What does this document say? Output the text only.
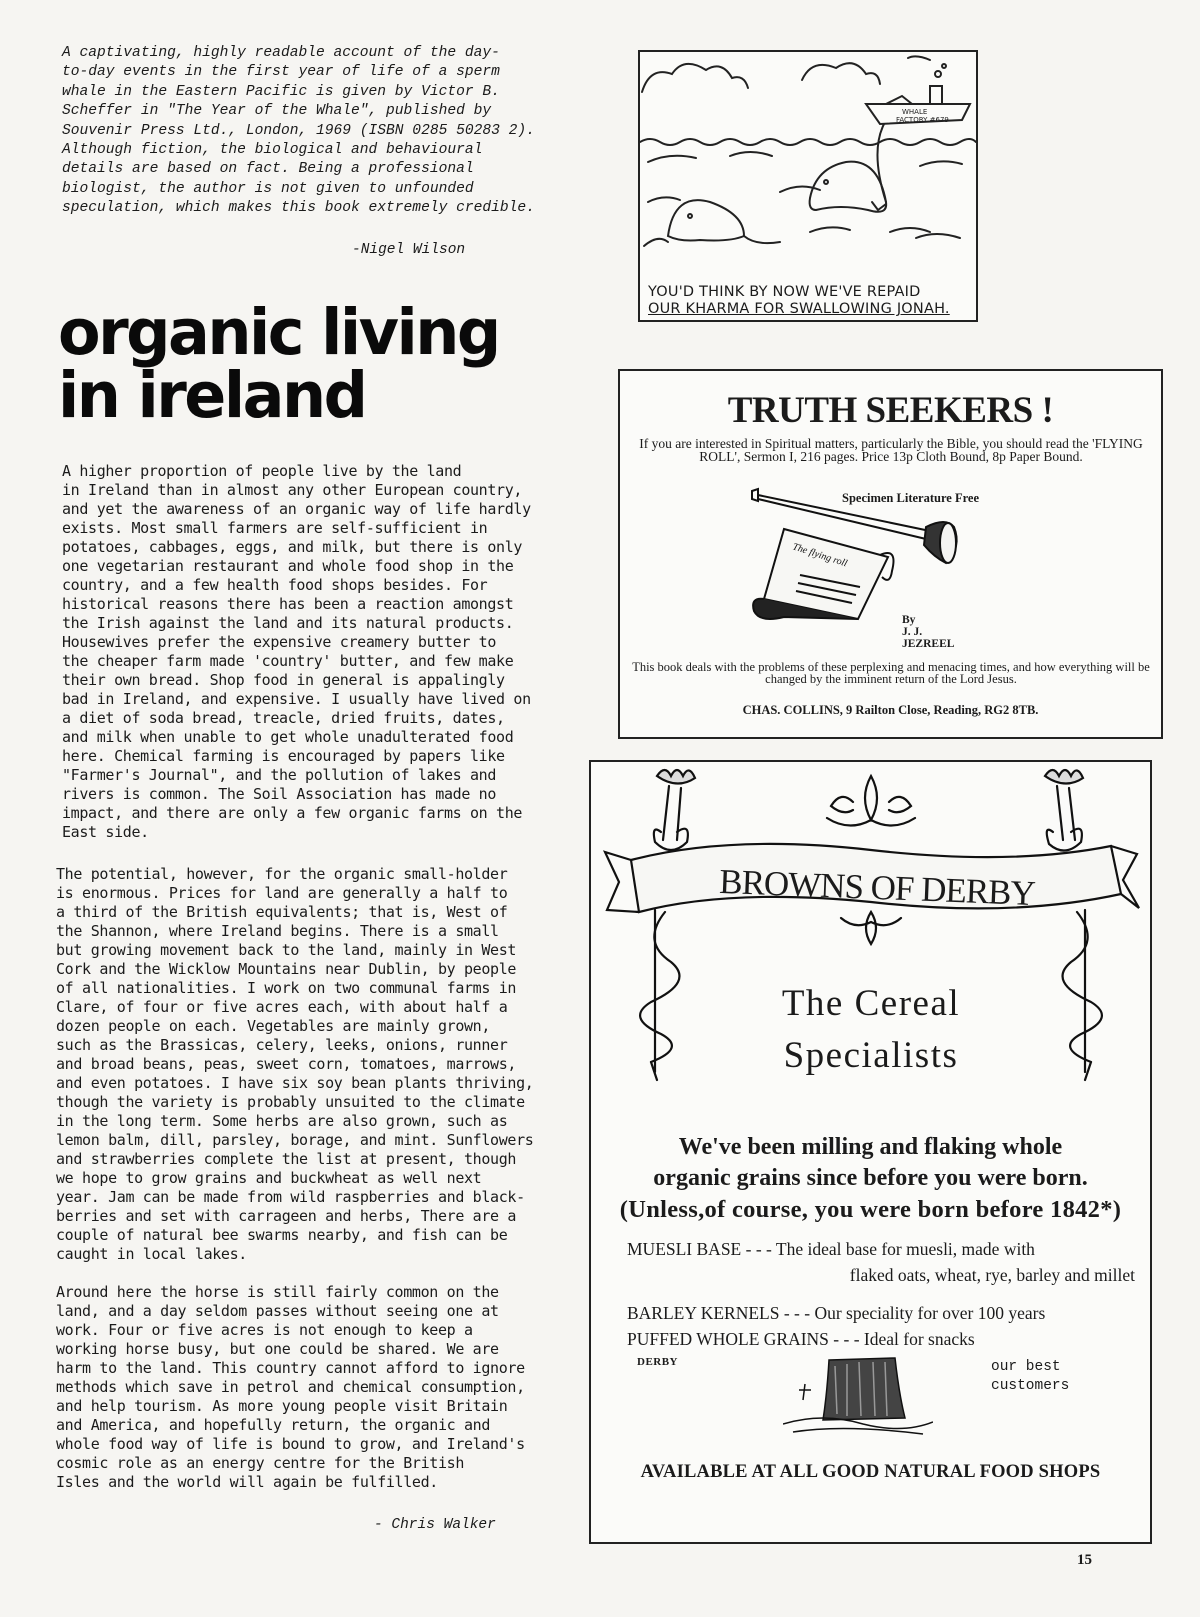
A captivating, highly readable account of the day-
to-day events in the first year of life of a sperm
whale in the Eastern Pacific is given by Victor B.
Scheffer in "The Year of the Whale", published by
Souvenir Press Ltd., London, 1969 (ISBN 0285 50283 2).
Although fiction, the biological and behavioural
details are based on fact. Being a professional
biologist, the author is not given to unfounded
speculation, which makes this book extremely credible.

-Nigel Wilson
organic living
in ireland

A higher proportion of people live by the land
in Ireland than in almost any other European country,
and yet the awareness of an organic way of life hardly
exists. Most small farmers are self-sufficient in
potatoes, cabbages, eggs, and milk, but there is only
one vegetarian restaurant and whole food shop in the
country, and a few health food shops besides. For
historical reasons there has been a reaction amongst
the Irish against the land and its natural products.
Housewives prefer the expensive creamery butter to
the cheaper farm made 'country' butter, and few make
their own bread. Shop food in general is appalingly
bad in Ireland, and expensive. I usually have lived on
a diet of soda bread, treacle, dried fruits, dates,
and milk when unable to get whole unadulterated food
here. Chemical farming is encouraged by papers like
"Farmer's Journal", and the pollution of lakes and
rivers is common. The Soil Association has made no
impact, and there are only a few organic farms on the
East side.

The potential, however, for the organic small-holder
is enormous. Prices for land are generally a half to
a third of the British equivalents; that is, West of
the Shannon, where Ireland begins. There is a small
but growing movement back to the land, mainly in West
Cork and the Wicklow Mountains near Dublin, by people
of all nationalities. I work on two communal farms in
Clare, of four or five acres each, with about half a
dozen people on each. Vegetables are mainly grown,
such as the Brassicas, celery, leeks, onions, runner
and broad beans, peas, sweet corn, tomatoes, marrows,
and even potatoes. I have six soy bean plants thriving,
though the variety is probably unsuited to the climate
in the long term. Some herbs are also grown, such as
lemon balm, dill, parsley, borage, and mint. Sunflowers
and strawberries complete the list at present, though
we hope to grow grains and buckwheat as well next
year. Jam can be made from wild raspberries and black-
berries and set with carrageen and herbs, There are a
couple of natural bee swarms nearby, and fish can be
caught in local lakes.

Around here the horse is still fairly common on the
land, and a day seldom passes without seeing one at
work. Four or five acres is not enough to keep a
working horse busy, but one could be shared. We are
harm to the land. This country cannot afford to ignore
methods which save in petrol and chemical consumption,
and help tourism. As more young people visit Britain
and America, and hopefully return, the organic and
whole food way of life is bound to grow, and Ireland's
cosmic role as an energy centre for the British
Isles and the world will again be fulfilled.

- Chris Walker
WHALE
FACTORY #679
YOU'D THINK BY NOW WE'VE REPAID
OUR KHARMA FOR SWALLOWING JONAH.
TRUTH SEEKERS !
If you are interested in Spiritual matters, particularly the Bible, you should read the 'FLYING ROLL', Sermon I, 216 pages. Price 13p Cloth Bound, 8p Paper Bound.
Specimen Literature Free
The flying roll
By
J. J.
JEZREEL
This book deals with the problems of these perplexing and menacing times, and how everything will be changed by the imminent return of the Lord Jesus.
CHAS. COLLINS, 9 Railton Close, Reading, RG2 8TB.
BROWNS OF DERBY
The Cereal
Specialists
We've been milling and flaking whole
organic grains since before you were born.
(Unless,of course, you were born before 1842*)
MUESLI BASE - - - The ideal base for muesli, made with
flaked oats, wheat, rye, barley and millet
BARLEY KERNELS - - - Our speciality for over 100 years
PUFFED WHOLE GRAINS - - - Ideal for snacks
DERBY	our best
customers
AVAILABLE AT ALL GOOD NATURAL FOOD SHOPS
15
